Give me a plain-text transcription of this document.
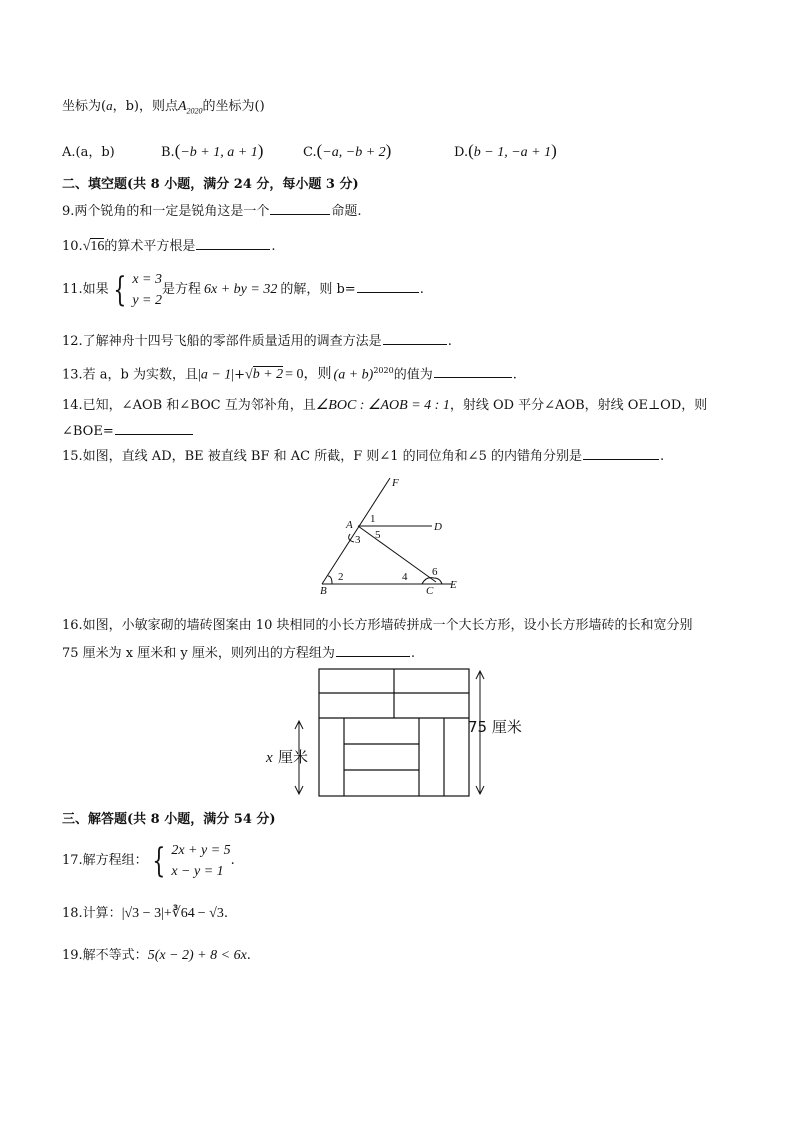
坐标为(a，b)，则点$A_{2020}$的坐标为()
A.(a，b)	B.(−b + 1, a + 1)	C.(−a, −b + 2)	D.(b − 1, −a + 1)
二、填空题(共 8 小题，满分 24 分，每小题 3 分)
9.两个锐角的和一定是锐角这是一个	命题.
10.√16的算术平方根是	.
11.如果 { x = 3
y = 2
是方程 6x + by = 32 的解，则 b=	.
12.了解神舟十四号飞船的零部件质量适用的调查方法是	.
13.若 a，b 为实数，且|a − 1|+√b + 2 = 0，则 $(a + b)^{2020}$的值为	.
14.已知，∠AOB 和∠BOC 互为邻补角，且∠BOC : ∠AOB = 4 : 1，射线 OD 平分∠AOB，射线 OE⊥OD，则
∠BOE=
15.如图，直线 AD，BE 被直线 BF 和 AC 所截，F 则∠1 的同位角和∠5 的内错角分别是	.
F
A 1
D
3 5
2	4 6
B	C E
16.如图，小敏家砌的墙砖图案由 10 块相同的小长方形墙砖拼成一个大长方形，设小长方形墙砖的长和宽分别
75 厘米为 x 厘米和 y 厘米，则列出的方程组为	.
75 厘米
x 厘米
三、解答题(共 8 小题，满分 54 分)
17.解方程组： { 2x + y = 5
x − y = 1
.
18.计算：|√3 − 3|+∛64 − √3.
19.解不等式：5(x − 2) + 8 < 6x.
